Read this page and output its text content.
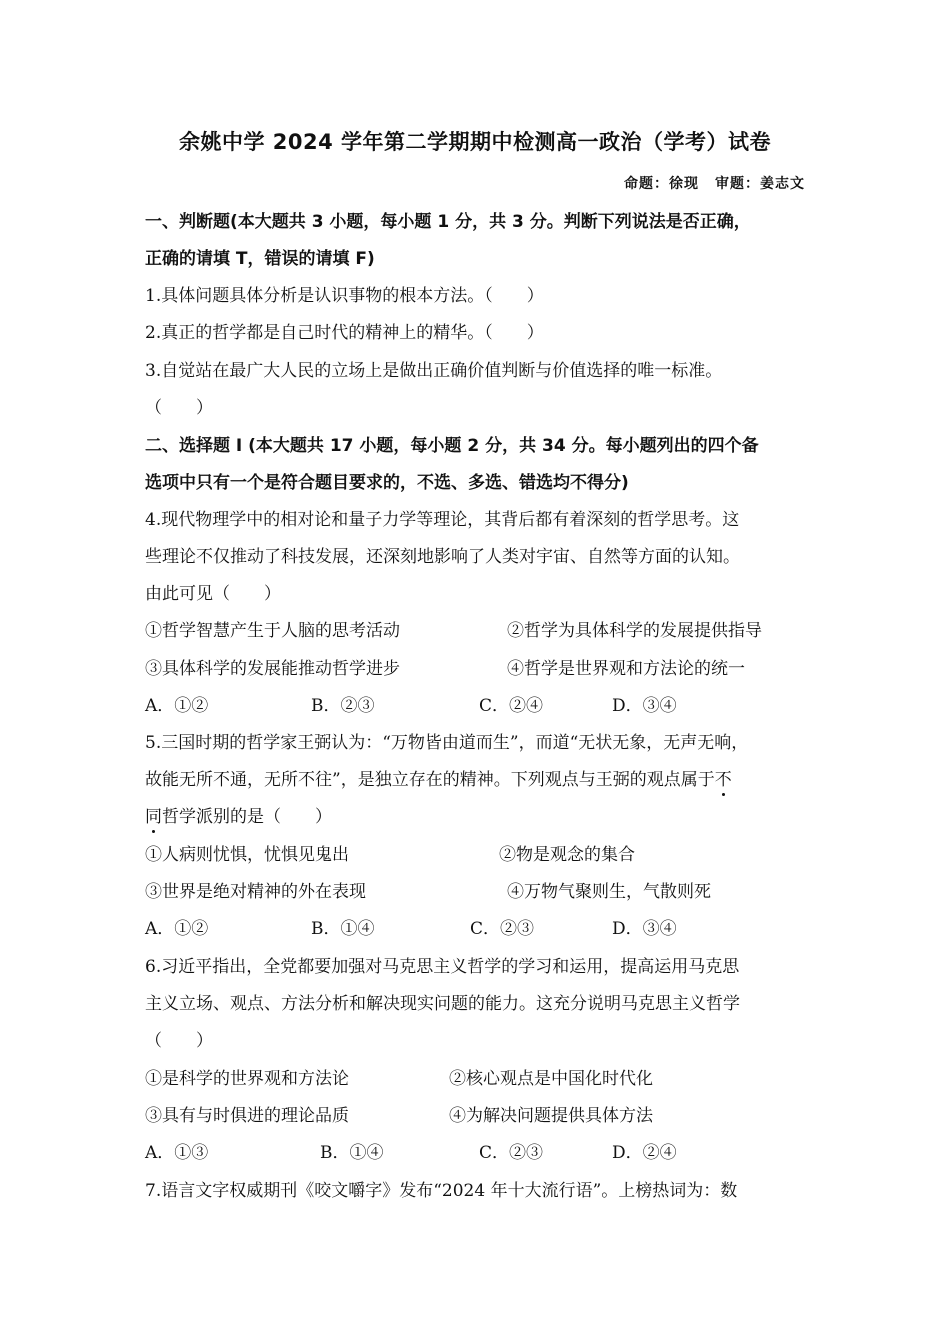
余姚中学 2024 学年第二学期期中检测高一政治（学考）试卷
命题：徐现 审题：姜志文
一、判断题(本大题共 3 小题，每小题 1 分，共 3 分。判断下列说法是否正确，
正确的请填 T，错误的请填 F)
1.具体问题具体分析是认识事物的根本方法。（　　）
2.真正的哲学都是自己时代的精神上的精华。（　　）
3.自觉站在最广大人民的立场上是做出正确价值判断与价值选择的唯一标准。
（　　）
二、选择题 I (本大题共 17 小题，每小题 2 分，共 34 分。每小题列出的四个备
选项中只有一个是符合题目要求的，不选、多选、错选均不得分)
4.现代物理学中的相对论和量子力学等理论，其背后都有着深刻的哲学思考。这
些理论不仅推动了科技发展，还深刻地影响了人类对宇宙、自然等方面的认知。
由此可见（　　）
①哲学智慧产生于人脑的思考活动	②哲学为具体科学的发展提供指导
③具体科学的发展能推动哲学进步	④哲学是世界观和方法论的统一
A．①②	B．②③	C．②④	D．③④
5.三国时期的哲学家王弼认为：“万物皆由道而生”，而道“无状无象，无声无响，
故能无所不通，无所不往”，是独立存在的精神。下列观点与王弼的观点属于不
同哲学派别的是（　　）
①人病则忧惧，忧惧见鬼出	②物是观念的集合
③世界是绝对精神的外在表现	④万物气聚则生，气散则死
A．①②	B．①④	C．②③	D．③④
6.习近平指出，全党都要加强对马克思主义哲学的学习和运用，提高运用马克思
主义立场、观点、方法分析和解决现实问题的能力。这充分说明马克思主义哲学
（　　）
①是科学的世界观和方法论	②核心观点是中国化时代化
③具有与时俱进的理论品质	④为解决问题提供具体方法
A．①③	B．①④	C．②③	D．②④
7.语言文字权威期刊《咬文嚼字》发布“2024 年十大流行语”。上榜热词为：数
